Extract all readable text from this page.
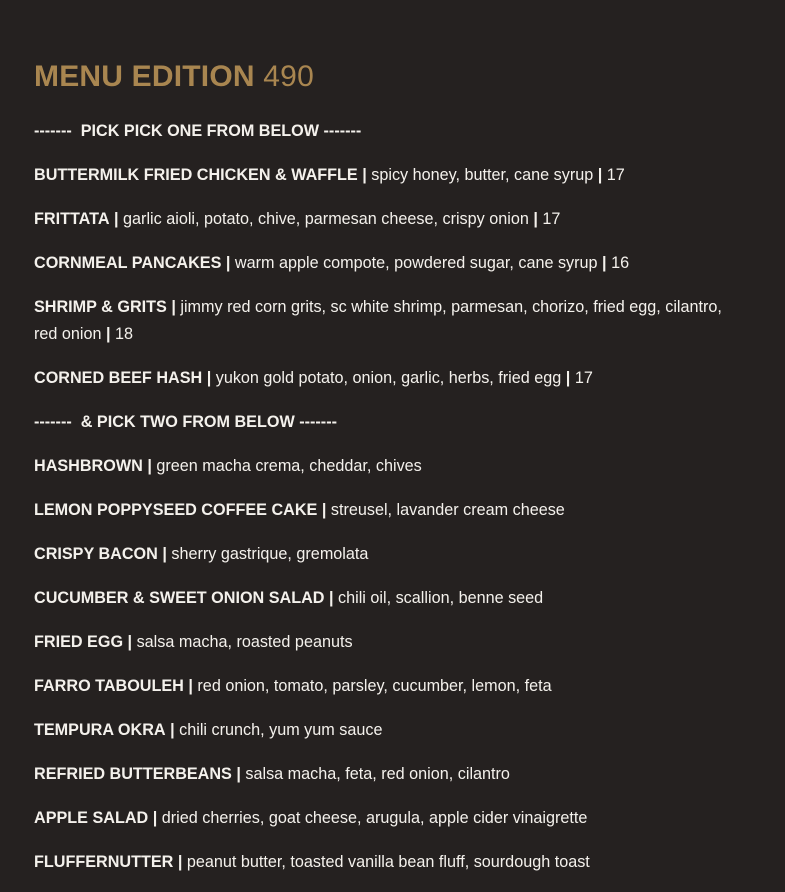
MENU EDITION 490
-------  PICK PICK ONE FROM BELOW -------
BUTTERMILK FRIED CHICKEN & WAFFLE | spicy honey, butter, cane syrup | 17
FRITTATA | garlic aioli, potato, chive, parmesan cheese, crispy onion | 17
CORNMEAL PANCAKES | warm apple compote, powdered sugar, cane syrup | 16
SHRIMP & GRITS | jimmy red corn grits, sc white shrimp, parmesan, chorizo, fried egg, cilantro, red onion | 18
CORNED BEEF HASH | yukon gold potato, onion, garlic, herbs, fried egg | 17
-------  & PICK TWO FROM BELOW -------
HASHBROWN | green macha crema, cheddar, chives
LEMON POPPYSEED COFFEE CAKE | streusel, lavander cream cheese
CRISPY BACON | sherry gastrique, gremolata
CUCUMBER & SWEET ONION SALAD | chili oil, scallion, benne seed
FRIED EGG | salsa macha, roasted peanuts
FARRO TABOULEH | red onion, tomato, parsley, cucumber, lemon, feta
TEMPURA OKRA | chili crunch, yum yum sauce
REFRIED BUTTERBEANS | salsa macha, feta, red onion, cilantro
APPLE SALAD | dried cherries, goat cheese, arugula, apple cider vinaigrette
FLUFFERNUTTER | peanut butter, toasted vanilla bean fluff, sourdough toast
